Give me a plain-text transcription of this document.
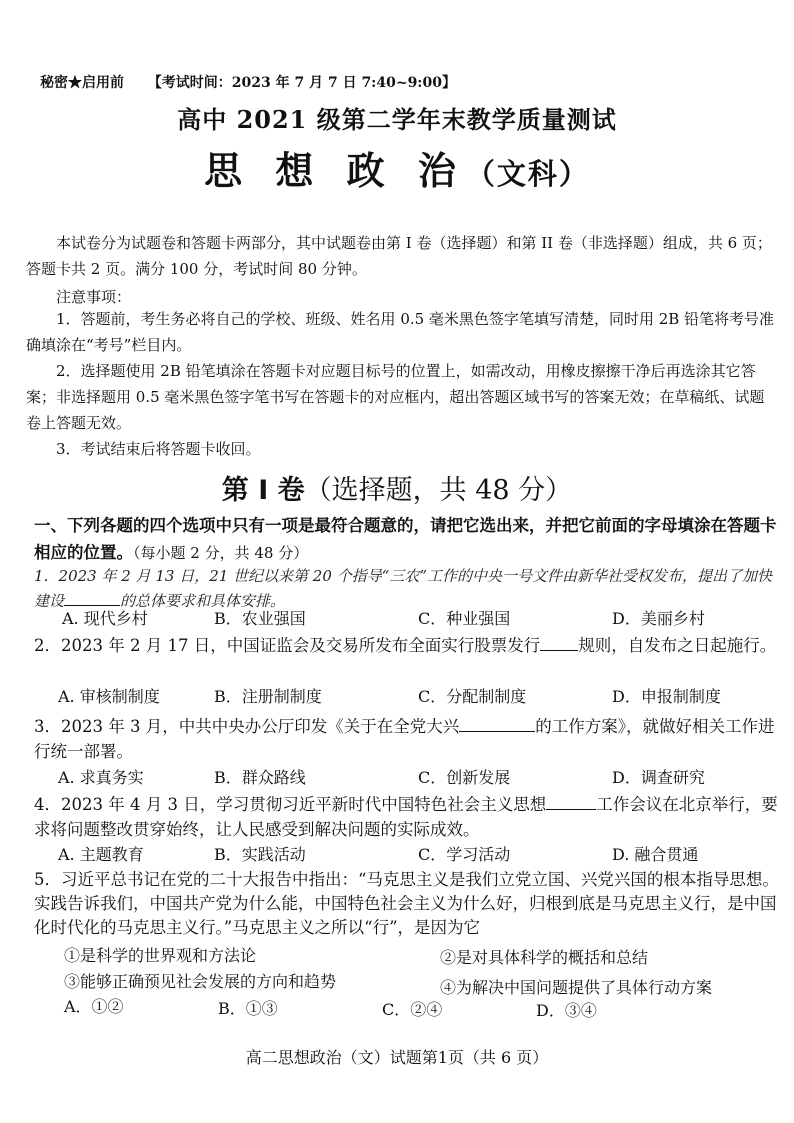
秘密★启用前 【考试时间：2023 年 7 月 7 日 7:40~9:00】
高中 2021 级第二学年末教学质量测试
思 想 政 治（文科）
本试卷分为试题卷和答题卡两部分，其中试题卷由第 I 卷（选择题）和第 II 卷（非选择题）组成，共 6 页；答题卡共 2 页。满分 100 分，考试时间 80 分钟。
注意事项：
1．答题前，考生务必将自己的学校、班级、姓名用 0.5 毫米黑色签字笔填写清楚，同时用 2B 铅笔将考号准确填涂在“考号”栏目内。
2．选择题使用 2B 铅笔填涂在答题卡对应题目标号的位置上，如需改动，用橡皮擦擦干净后再选涂其它答案；非选择题用 0.5 毫米黑色签字笔书写在答题卡的对应框内，超出答题区域书写的答案无效；在草稿纸、试题卷上答题无效。
3．考试结束后将答题卡收回。
第 I 卷（选择题，共 48 分）
一、下列各题的四个选项中只有一项是最符合题意的，请把它选出来，并把它前面的字母填涂在答题卡相应的位置。（每小题 2 分，共 48 分）
1．2023 年 2 月 13 日，21 世纪以来第 20 个指导“三农”工作的中央一号文件由新华社受权发布，提出了加快建设	的总体要求和具体安排。
A. 现代乡村	B．农业强国	C．种业强国	D．美丽乡村
2．2023 年 2 月 17 日，中国证监会及交易所发布全面实行股票发行 规则，自发布之日起施行。
A. 审核制制度	B．注册制制度	C．分配制制度	D．申报制制度
3．2023 年 3 月，中共中央办公厅印发《关于在全党大兴	的工作方案》，就做好相关工作进行统一部署。
A. 求真务实	B．群众路线	C．创新发展	D．调查研究
4．2023 年 4 月 3 日，学习贯彻习近平新时代中国特色社会主义思想	工作会议在北京举行，要求将问题整改贯穿始终，让人民感受到解决问题的实际成效。
A. 主题教育	B．实践活动	C．学习活动	D. 融合贯通
5．习近平总书记在党的二十大报告中指出：“马克思主义是我们立党立国、兴党兴国的根本指导思想。实践告诉我们，中国共产党为什么能，中国特色社会主义为什么好，归根到底是马克思主义行，是中国化时代化的马克思主义行。”马克思主义之所以“行”，是因为它
①是科学的世界观和方法论	②是对具体科学的概括和总结
③能够正确预见社会发展的方向和趋势	④为解决中国问题提供了具体行动方案
A．①②	B．①③	C．②④	D．③④
高二思想政治（文）试题第1页（共 6 页）
